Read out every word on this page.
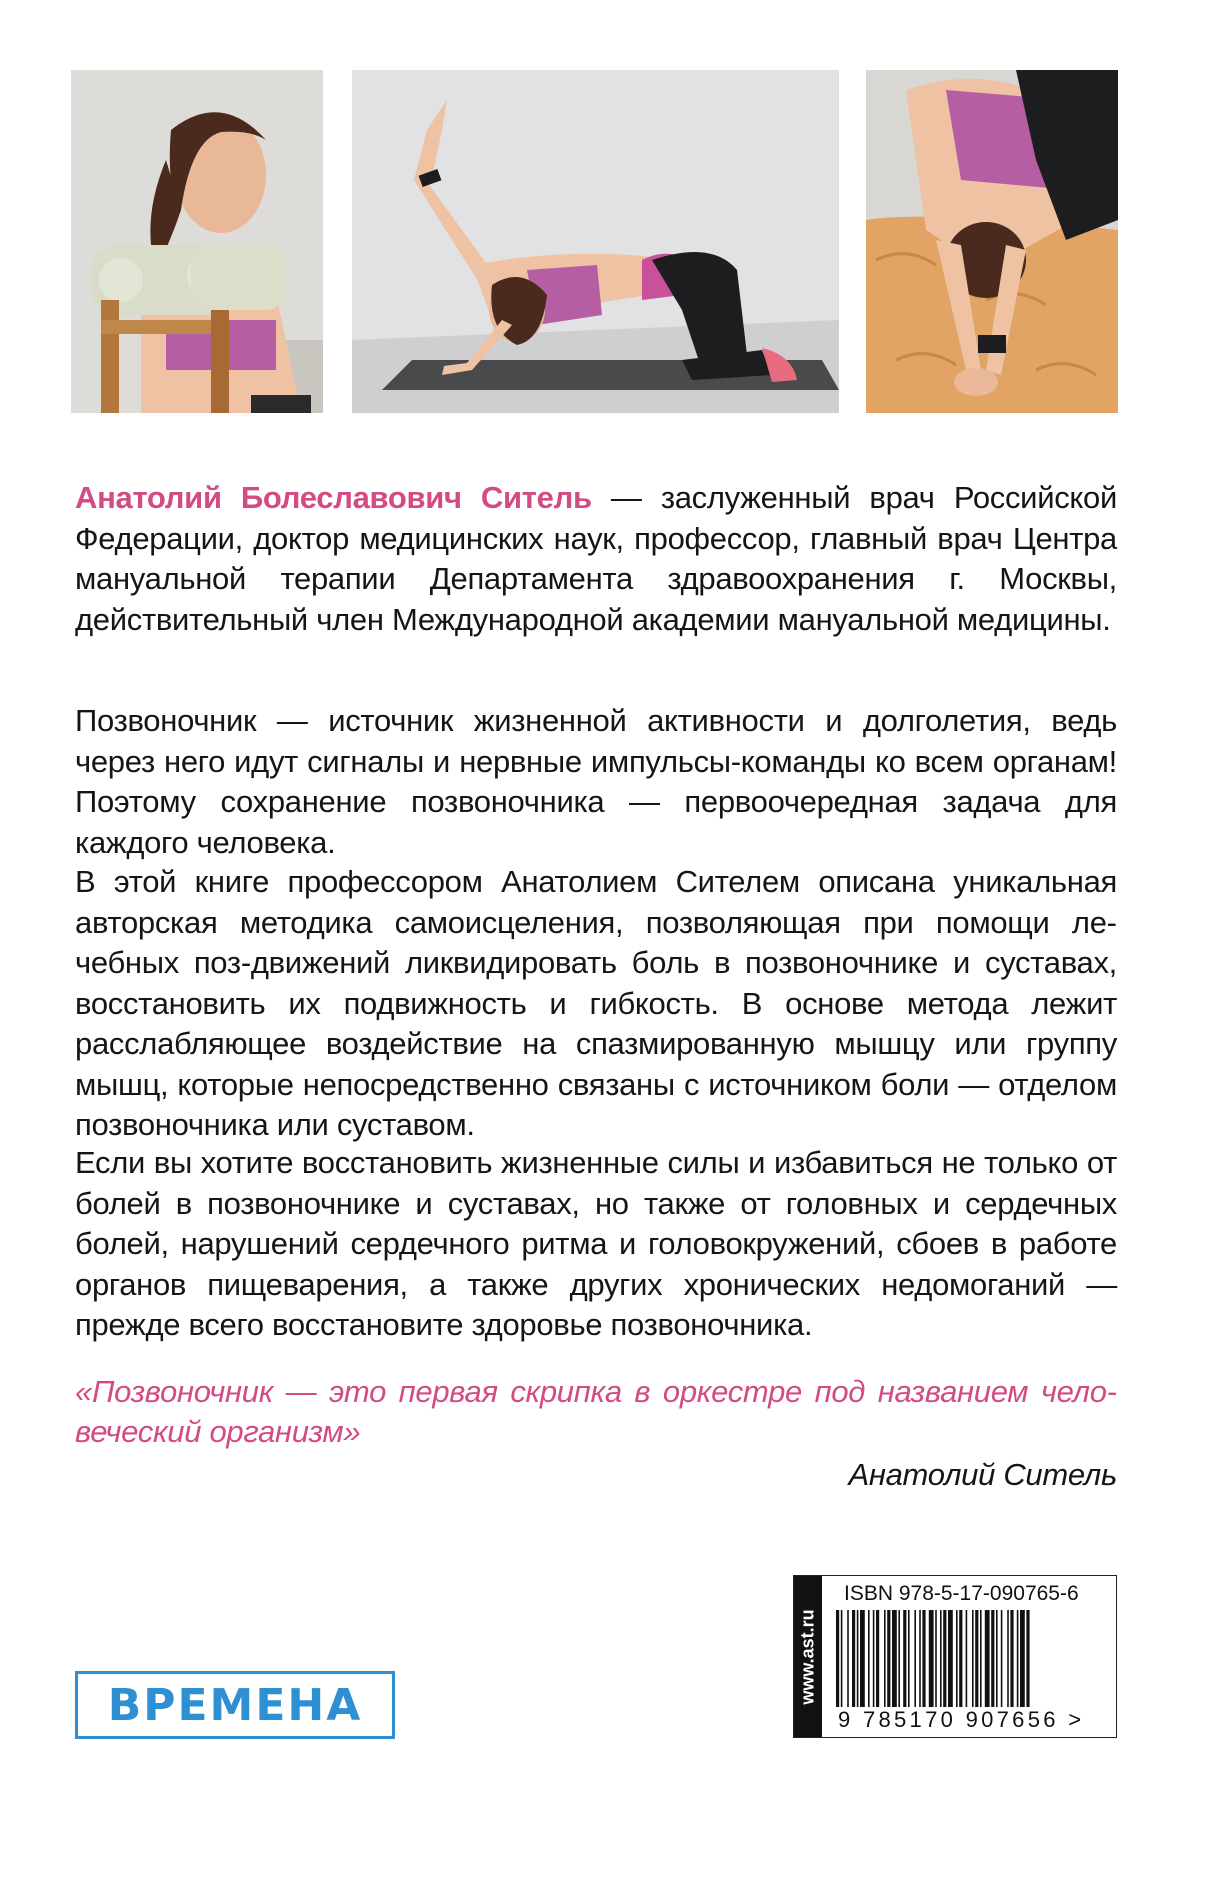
Анатолий Болеславович Ситель — заслуженный врач Российской Федерации, доктор медицинских наук, профессор, главный врач Центра мануальной терапии Департамента здравоохранения г. Москвы, действительный член Международной академии мануальной медицины.

Позвоночник — источник жизненной активности и долголетия, ведь через него идут сигналы и нервные импульсы-команды ко всем органам! Поэтому сохранение позвоночника — первоочередная задача для каждого человека.

В этой книге профессором Анатолием Сителем описана уникальная авторская методика самоисцеления, позволяющая при помощи лечебных поз-движений ликвидировать боль в позвоночнике и суставах, восстановить их подвижность и гибкость. В основе метода лежит расслабляющее воздействие на спазмированную мышцу или группу мышц, которые непосредственно связаны с источником боли — отделом позвоночника или суставом.

Если вы хотите восстановить жизненные силы и избавиться не только от болей в позвоночнике и суставах, но также от головных и сердечных болей, нарушений сердечного ритма и головокружений, сбоев в работе органов пищеварения, а также других хронических недомоганий — прежде всего восстановите здоровье позвоночника.

«Позвоночник — это первая скрипка в оркестре под названием человеческий организм»

Анатолий Ситель
ВРЕМЕНА
www.ast.ru
ISBN 978-5-17-090765-6
9 785170 907656 >
